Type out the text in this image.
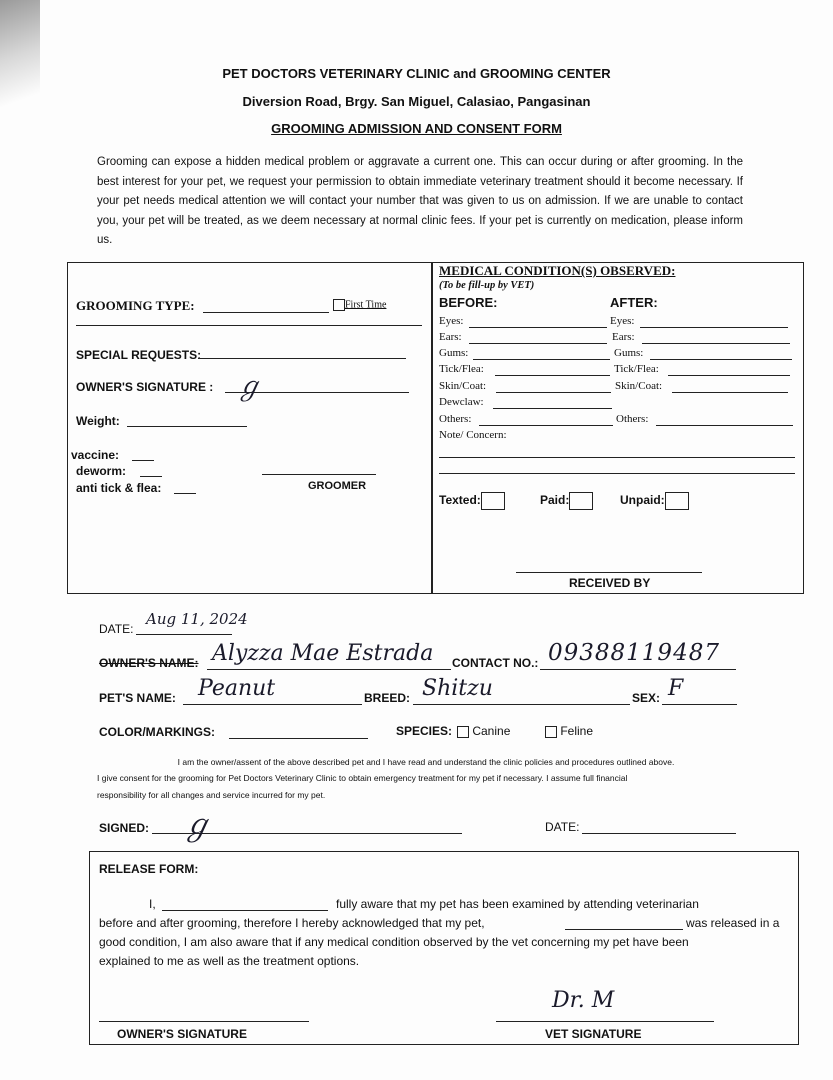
PET DOCTORS VETERINARY CLINIC and GROOMING CENTER
Diversion Road, Brgy. San Miguel, Calasiao, Pangasinan
GROOMING ADMISSION AND CONSENT FORM
Grooming can expose a hidden medical problem or aggravate a current one. This can occur during or after grooming. In the best interest for your pet, we request your permission to obtain immediate veterinary treatment should it become necessary. If your pet needs medical attention we will contact your number that was given to us on admission. If we are unable to contact you, your pet will be treated, as we deem necessary at normal clinic fees. If your pet is currently on medication, please inform us.
GROOMING TYPE:	First Time
SPECIAL REQUESTS:
OWNER'S SIGNATURE : ℊ
Weight:
vaccine:
deworm:
anti tick & flea:	GROOMER
MEDICAL CONDITION(S) OBSERVED:
(To be fill-up by VET)
BEFORE:	AFTER:
Eyes:	Eyes:
Ears:	Ears:
Gums:	Gums:
Tick/Flea:	Tick/Flea:
Skin/Coat:	Skin/Coat:
Dewclaw:
Others:	Others:
Note/ Concern:
Texted:	Paid:	Unpaid:
RECEIVED BY
DATE:
Aug 11, 2024
OWNER'S NAME: Alyzza Mae Estrada CONTACT NO.: 09388119487
PET'S NAME: Peanut	BREED: Shitzu	SEX: F
COLOR/MARKINGS:	SPECIES:	Canine	Feline
I am the owner/assent of the above described pet and I have read and understand the clinic policies and procedures outlined above.
I give consent for the grooming for Pet Doctors Veterinary Clinic to obtain emergency treatment for my pet if necessary. I assume full financial
responsibility for all changes and service incurred for my pet.
SIGNED: ℊ	DATE:
RELEASE FORM:
I,	fully aware that my pet has been examined by attending veterinarian
before and after grooming, therefore I hereby acknowledged that my pet,	was released in a
good condition, I am also aware that if any medical condition observed by the vet concerning my pet have been
explained to me as well as the treatment options.
OWNER'S SIGNATURE
Dr. M
VET SIGNATURE
